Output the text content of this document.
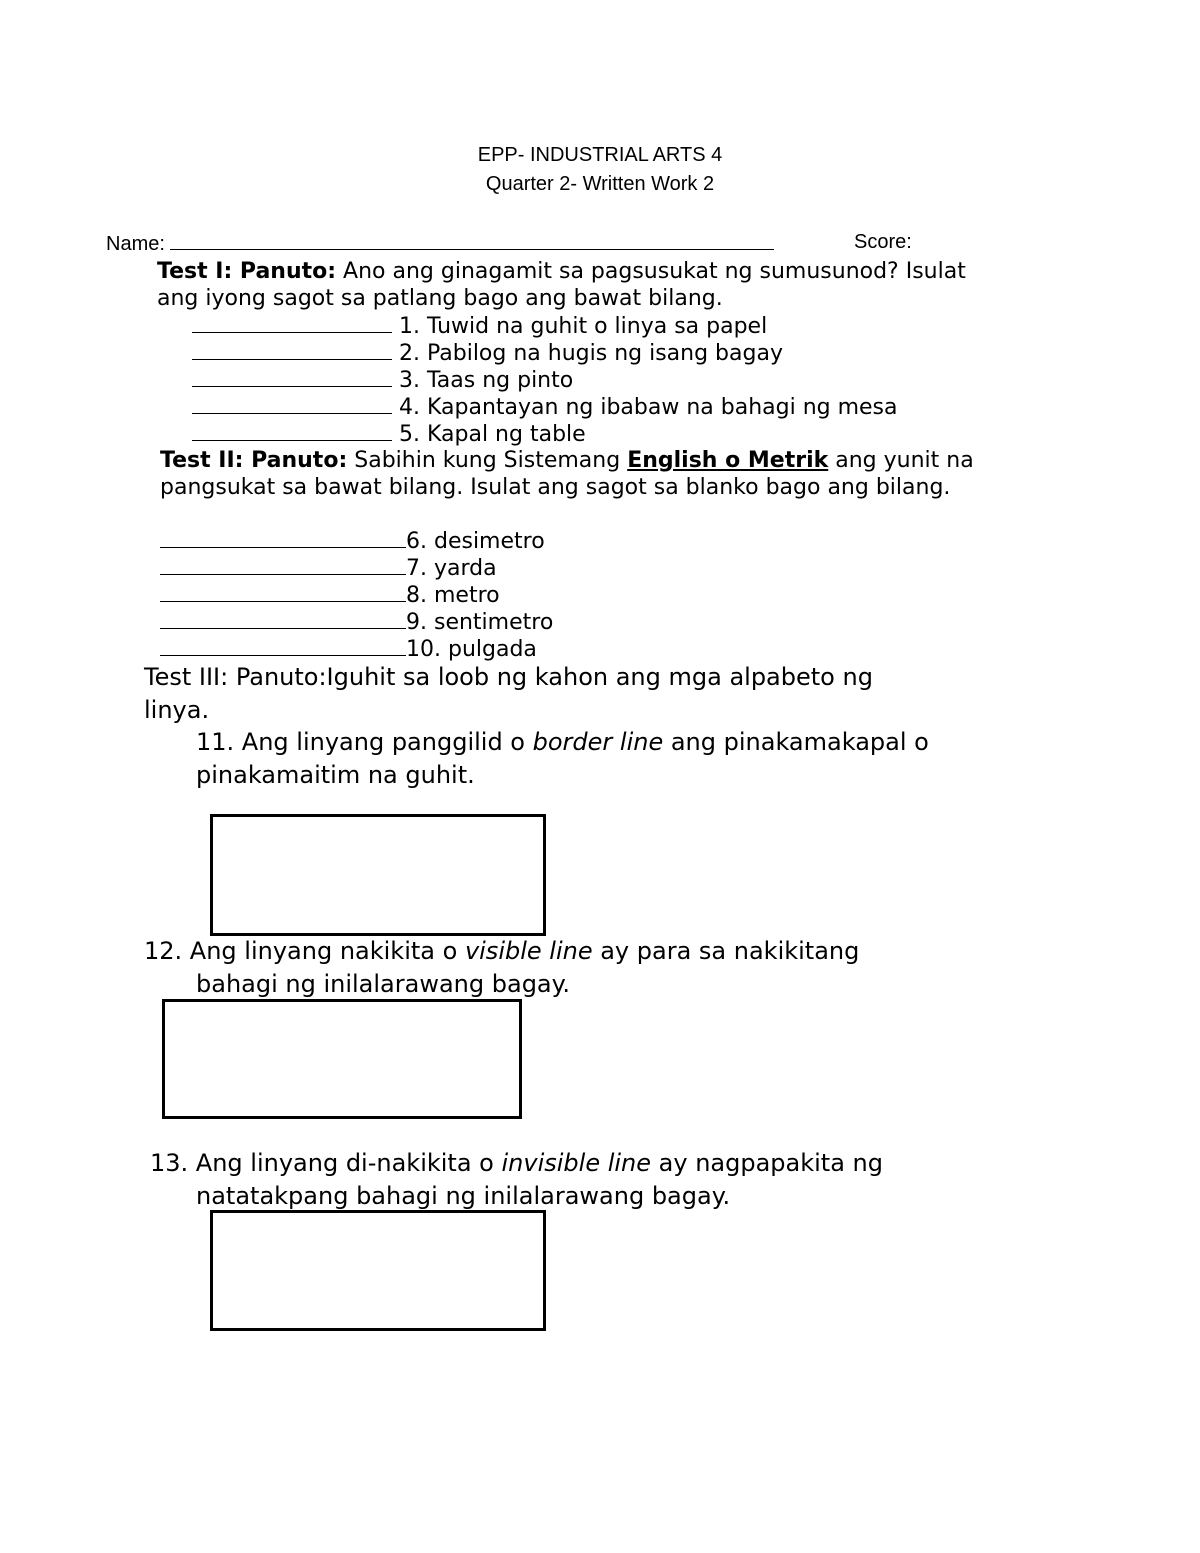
EPP- INDUSTRIAL ARTS 4
Quarter 2- Written Work 2
Name:	Score:
Test I: Panuto: Ano ang ginagamit sa pagsusukat ng sumusunod? Isulat
ang iyong sagot sa patlang bago ang bawat bilang.
1. Tuwid na guhit o linya sa papel
2. Pabilog na hugis ng isang bagay
3. Taas ng pinto
4. Kapantayan ng ibabaw na bahagi ng mesa
5. Kapal ng table
Test II: Panuto: Sabihin kung Sistemang English o Metrik ang yunit na
pangsukat sa bawat bilang. Isulat ang sagot sa blanko bago ang bilang.
6. desimetro
7. yarda
8. metro
9. sentimetro
10. pulgada
Test III: Panuto:Iguhit sa loob ng kahon ang mga alpabeto ng
linya.
11. Ang linyang panggilid o border line ang pinakamakapal o
pinakamaitim na guhit.
12. Ang linyang nakikita o visible line ay para sa nakikitang
bahagi ng inilalarawang bagay.
13. Ang linyang di-nakikita o invisible line ay nagpapakita ng
natatakpang bahagi ng inilalarawang bagay.
